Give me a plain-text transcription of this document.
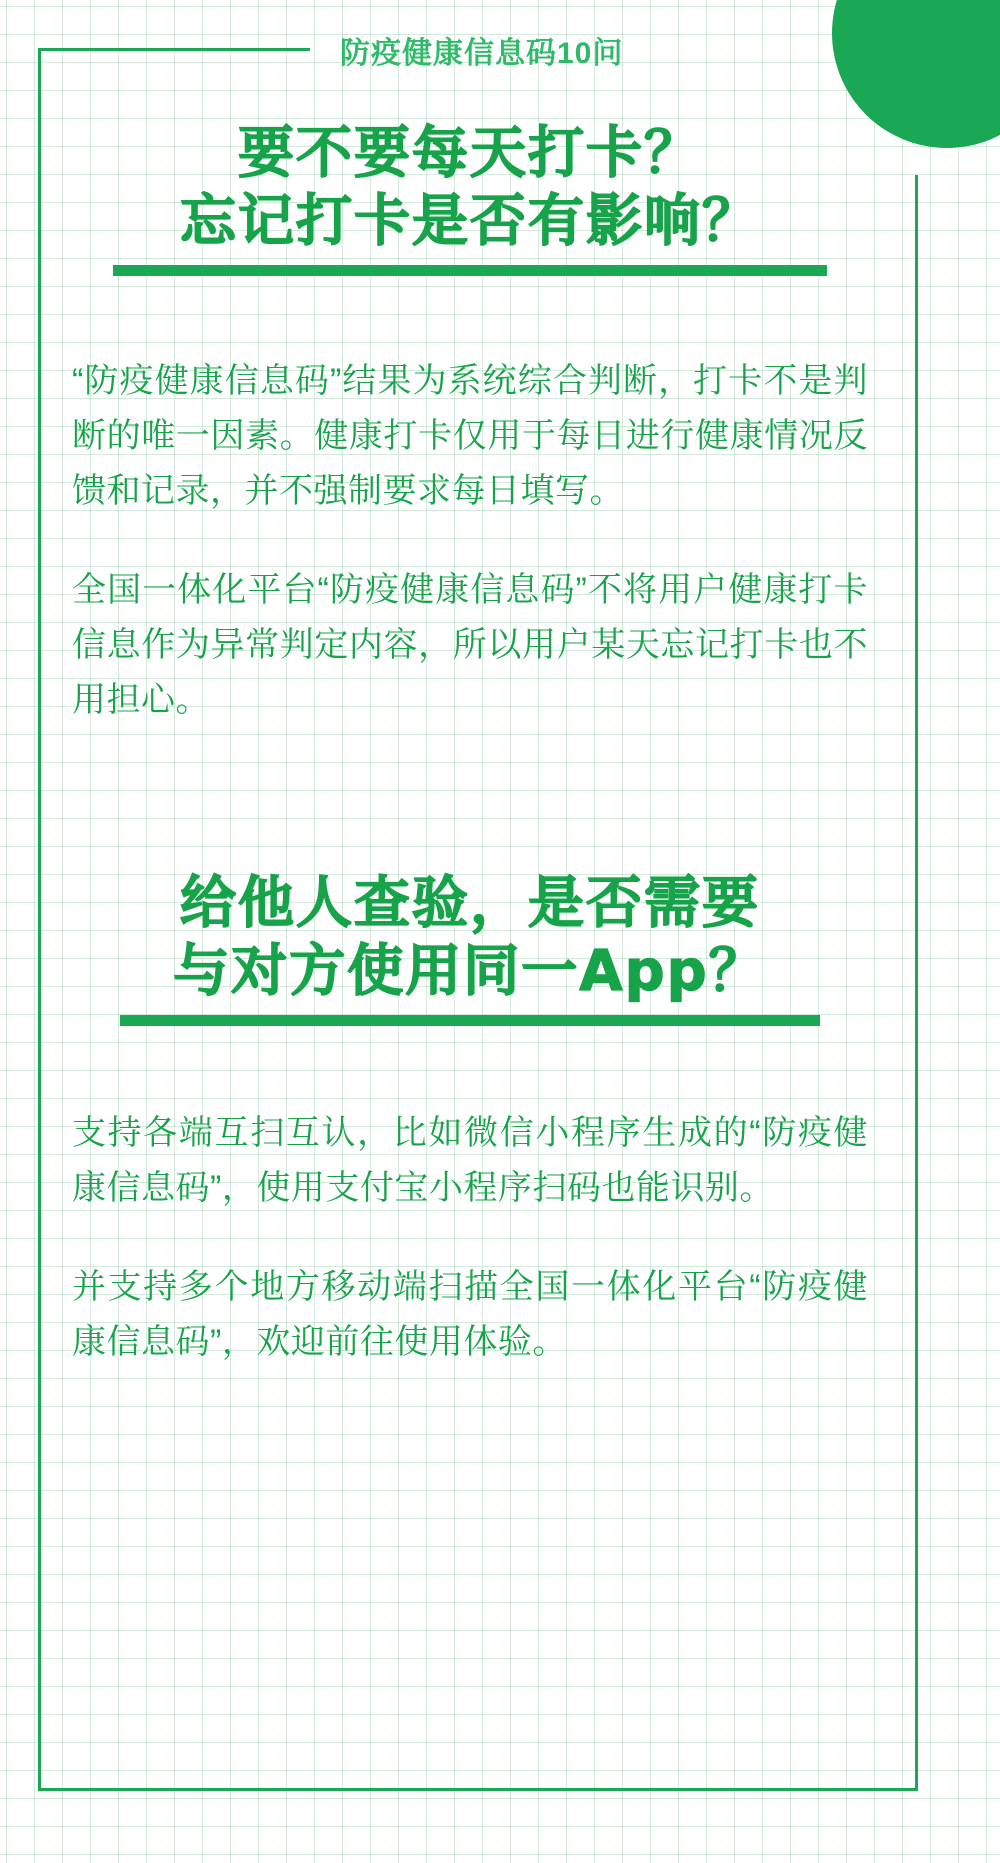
防疫健康信息码10问
要不要每天打卡？
忘记打卡是否有影响？

“防疫健康信息码”结果为系统综合判断，打卡不是判断的唯一因素。健康打卡仅用于每日进行健康情况反馈和记录，并不强制要求每日填写。

全国一体化平台“防疫健康信息码”不将用户健康打卡信息作为异常判定内容，所以用户某天忘记打卡也不用担心。

给他人查验，是否需要
与对方使用同一App？

支持各端互扫互认，比如微信小程序生成的“防疫健康信息码”，使用支付宝小程序扫码也能识别。

并支持多个地方移动端扫描全国一体化平台“防疫健康信息码”，欢迎前往使用体验。
